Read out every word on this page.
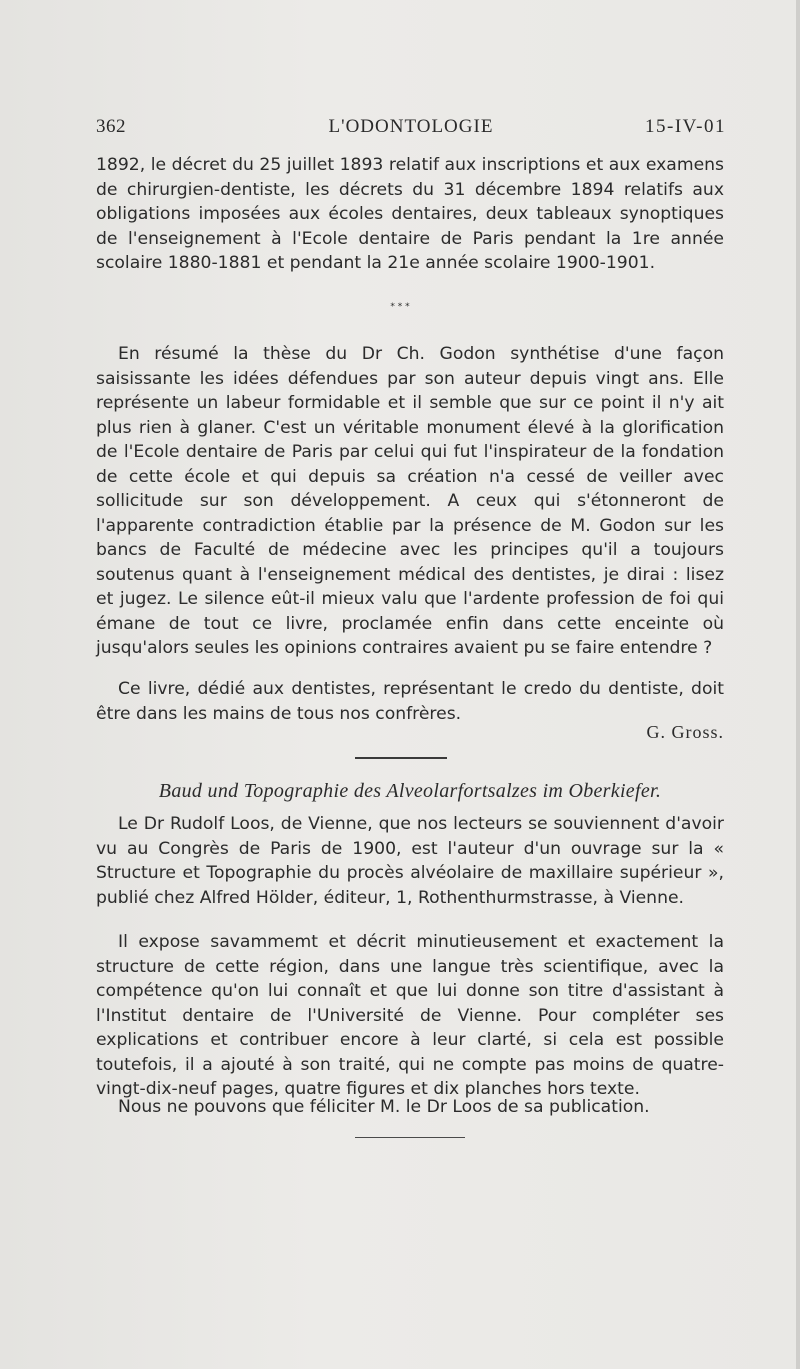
362	L'ODONTOLOGIE	15-IV-01
1892, le décret du 25 juillet 1893 relatif aux inscriptions et aux examens de chirurgien-dentiste, les décrets du 31 décembre 1894 relatifs aux obligations imposées aux écoles dentaires, deux tableaux synoptiques de l'enseignement à l'Ecole dentaire de Paris pendant la 1re année scolaire 1880-1881 et pendant la 21e année scolaire 1900-1901.
* * *
En résumé la thèse du Dr Ch. Godon synthétise d'une façon saisissante les idées défendues par son auteur depuis vingt ans. Elle représente un labeur formidable et il semble que sur ce point il n'y ait plus rien à glaner. C'est un véritable monument élevé à la glorification de l'Ecole dentaire de Paris par celui qui fut l'inspirateur de la fondation de cette école et qui depuis sa création n'a cessé de veiller avec sollicitude sur son développement. A ceux qui s'étonneront de l'apparente contradiction établie par la présence de M. Godon sur les bancs de Faculté de médecine avec les principes qu'il a toujours soutenus quant à l'enseignement médical des dentistes, je dirai : lisez et jugez. Le silence eût-il mieux valu que l'ardente profession de foi qui émane de tout ce livre, proclamée enfin dans cette enceinte où jusqu'alors seules les opinions contraires avaient pu se faire entendre ?
Ce livre, dédié aux dentistes, représentant le credo du dentiste, doit être dans les mains de tous nos confrères.
G. Gross.
Baud und Topographie des Alveolarfortsalzes im Oberkiefer.
Le Dr Rudolf Loos, de Vienne, que nos lecteurs se souviennent d'avoir vu au Congrès de Paris de 1900, est l'auteur d'un ouvrage sur la « Structure et Topographie du procès alvéolaire de maxillaire supérieur », publié chez Alfred Hölder, éditeur, 1, Rothenthurmstrasse, à Vienne.
Il expose savammemt et décrit minutieusement et exactement la structure de cette région, dans une langue très scientifique, avec la compétence qu'on lui connaît et que lui donne son titre d'assistant à l'Institut dentaire de l'Université de Vienne. Pour compléter ses explications et contribuer encore à leur clarté, si cela est possible toutefois, il a ajouté à son traité, qui ne compte pas moins de quatre-vingt-dix-neuf pages, quatre figures et dix planches hors texte.
Nous ne pouvons que féliciter M. le Dr Loos de sa publication.
